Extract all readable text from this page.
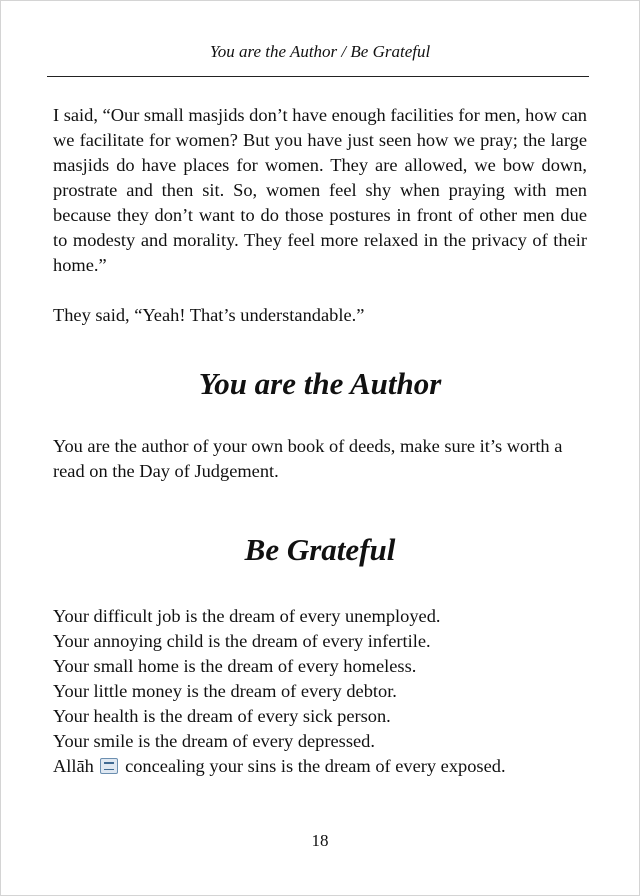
You are the Author / Be Grateful

I said, “Our small masjids don’t have enough facilities for men, how can we facilitate for women? But you have just seen how we pray; the large masjids do have places for women. They are allowed, we bow down, prostrate and then sit. So, women feel shy when praying with men because they don’t want to do those postures in front of other men due to modesty and morality. They feel more relaxed in the privacy of their home.”

They said, “Yeah! That’s understandable.”

You are the Author

You are the author of your own book of deeds, make sure it’s worth a read on the Day of Judgement.

Be Grateful
Your difficult job is the dream of every unemployed.
Your annoying child is the dream of every infertile.
Your small home is the dream of every homeless.
Your little money is the dream of every debtor.
Your health is the dream of every sick person.
Your smile is the dream of every depressed.
Allāh concealing your sins is the dream of every exposed.
18
